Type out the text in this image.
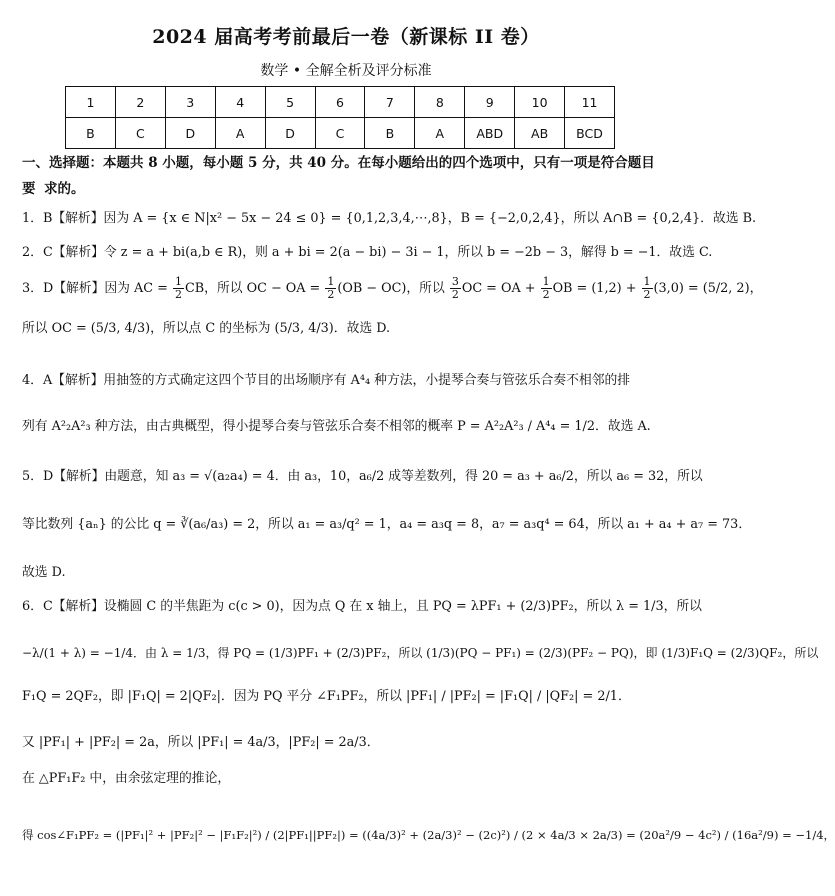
2024 届高考考前最后一卷（新课标 II 卷）
数学 • 全解全析及评分标准
1	2	3	4	5	6	7	8	9	10	11
B	C	D	A	D	C	B	A	ABD	AB	BCD
一、选择题：本题共 8 小题，每小题 5 分，共 40 分。在每小题给出的四个选项中，只有一项是符合题目要 求的。
1．B【解析】因为 A = {x ∈ N|x² − 5x − 24 ≤ 0} = {0,1,2,3,4,⋯,8}，B = {−2,0,2,4}，所以 A∩B = {0,2,4}．故选 B.
2．C【解析】令 z = a + bi(a,b ∈ R)，则 a + bi = 2(a − bi) − 3i − 1，所以 b = −2b − 3，解得 b = −1．故选 C.
3．D【解析】因为 AC = $\frac{1}{2}$ CB，所以 OC − OA = $\frac{1}{2} (OB - OC)$，所以 $\frac{3}{2}$ OC = OA + $\frac{1}{2}$ OB = $(1,2) + \frac{1}{2} (3,0) = (5/2$, 2)，
所以 OC = (5/3, 4/3)，所以点 C 的坐标为 (5/3, 4/3)．故选 D.
4．A【解析】用抽签的方式确定这四个节目的出场顺序有 A⁴₄ 种方法，小提琴合奏与管弦乐合奏不相邻的排
列有 A²₂A²₃ 种方法，由古典概型，得小提琴合奏与管弦乐合奏不相邻的概率 P = A²₂A²₃ / A⁴₄ = 1/2．故选 A.
5．D【解析】由题意，知 a₃ = √(a₂a₄) = 4．由 a₃，10，a₆/2 成等差数列，得 20 = a₃ + a₆/2，所以 a₆ = 32，所以
等比数列 {aₙ} 的公比 q = ∛(a₆/a₃) = 2，所以 a₁ = a₃/q² = 1，a₄ = a₃q = 8，a₇ = a₃q⁴ = 64，所以 a₁ + a₄ + a₇ = 73．
故选 D.
6．C【解析】设椭圆 C 的半焦距为 c(c > 0)，因为点 Q 在 x 轴上，且 PQ = λPF₁ + (2/3)PF₂，所以 λ = 1/3，所以
−λ/(1 + λ) = −1/4．由 λ = 1/3，得 PQ = (1/3)PF₁ + (2/3)PF₂，所以 (1/3)(PQ − PF₁) = (2/3)(PF₂ − PQ)，即 (1/3)F₁Q = (2/3)QF₂，所以
F₁Q = 2QF₂，即 |F₁Q| = 2|QF₂|．因为 PQ 平分 ∠F₁PF₂，所以 |PF₁| / |PF₂| = |F₁Q| / |QF₂| = 2/1．
又 |PF₁| + |PF₂| = 2a，所以 |PF₁| = 4a/3，|PF₂| = 2a/3．
在 △PF₁F₂ 中，由余弦定理的推论，
得 cos∠F₁PF₂ = (|PF₁|² + |PF₂|² − |F₁F₂|²) / (2|PF₁||PF₂|) = ((4a/3)² + (2a/3)² − (2c)²) / (2 × 4a/3 × 2a/3) = (20a²/9 − 4c²) / (16a²/9) = −1/4，
